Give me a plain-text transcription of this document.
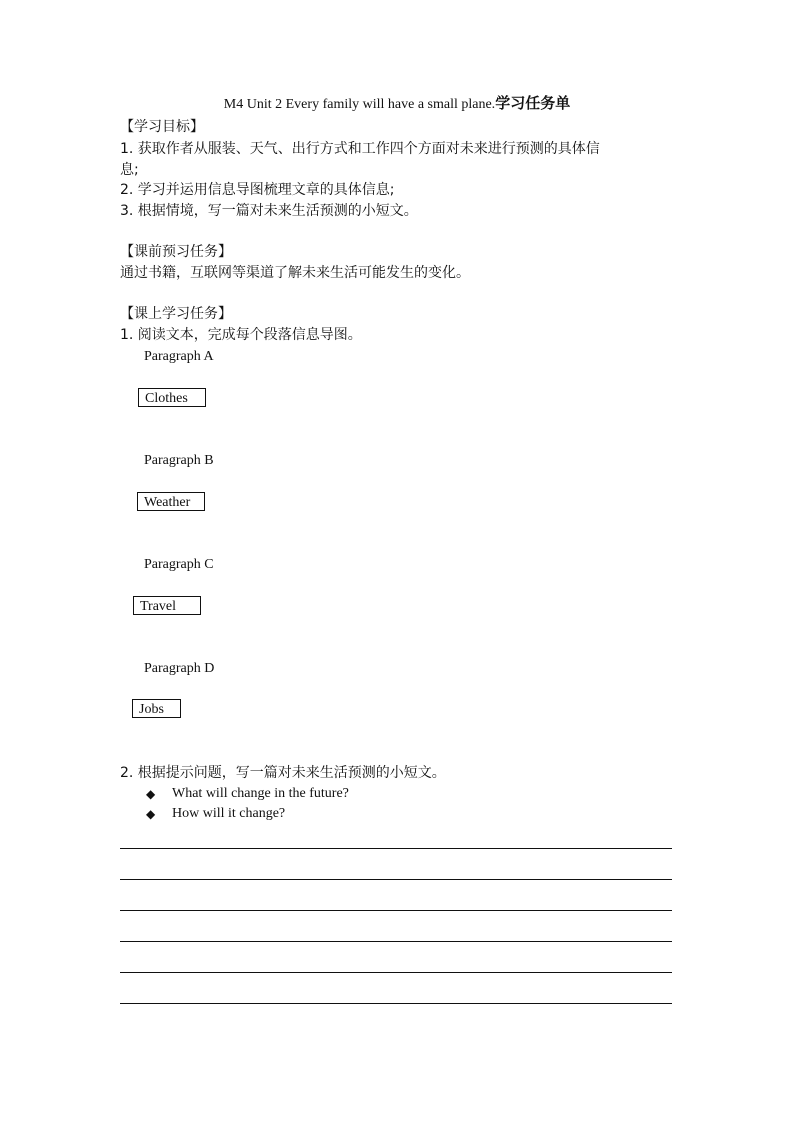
M4 Unit 2 Every family will have a small plane.学习任务单
【学习目标】
1. 获取作者从服装、天气、出行方式和工作四个方面对未来进行预测的具体信
息;
2. 学习并运用信息导图梳理文章的具体信息;
3. 根据情境，写一篇对未来生活预测的小短文。
【课前预习任务】
通过书籍，互联网等渠道了解未来生活可能发生的变化。
【课上学习任务】
1. 阅读文本，完成每个段落信息导图。
Paragraph A
Clothes
Paragraph B
Weather
Paragraph C
Travel
Paragraph D
Jobs
2. 根据提示问题，写一篇对未来生活预测的小短文。
◆ What will change in the future?
◆ How will it change?
